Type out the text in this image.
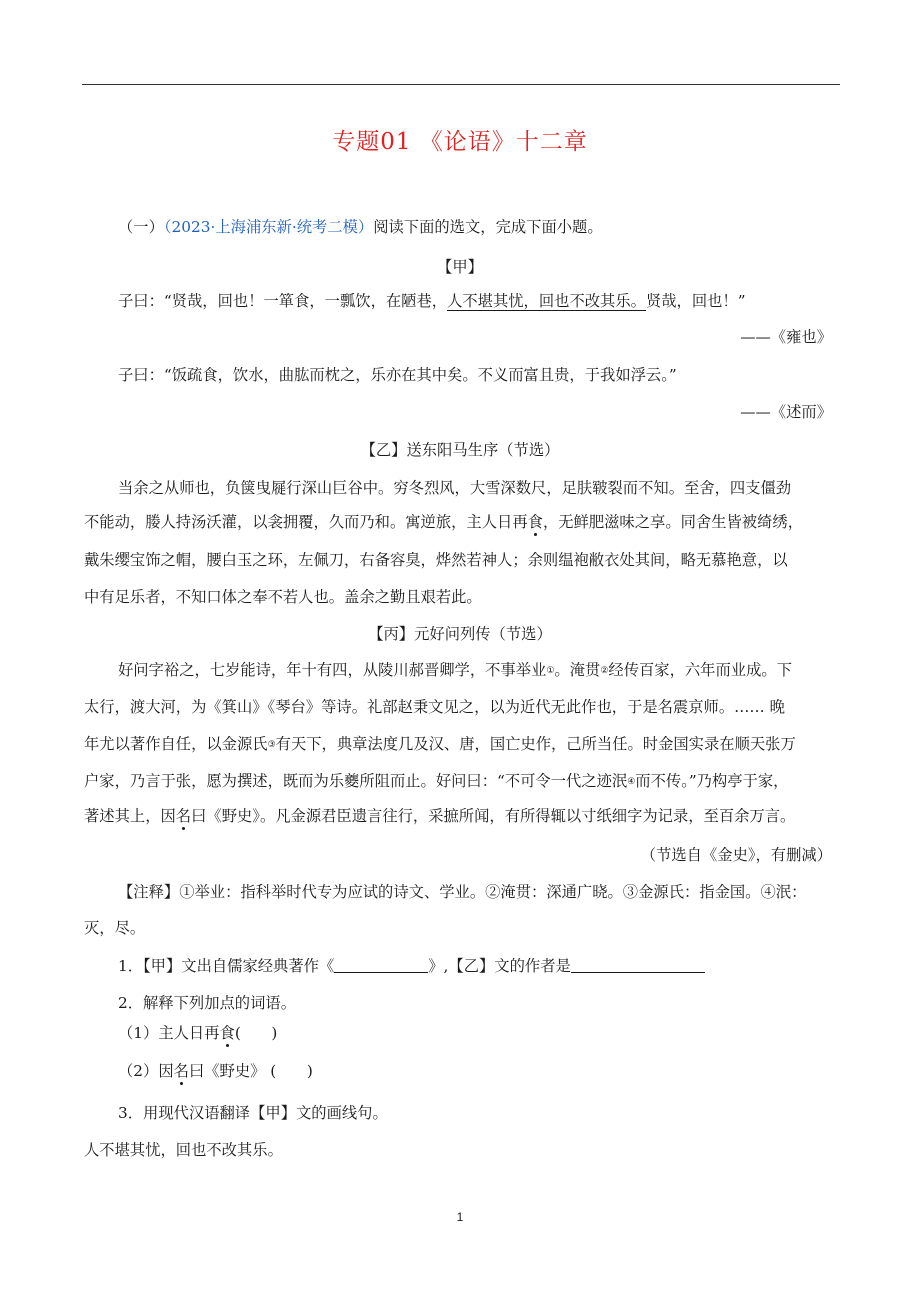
专题01 《论语》十二章
（一）（2023·上海浦东新·统考二模）阅读下面的选文，完成下面小题。
【甲】
子曰：“贤哉，回也！一箪食，一瓢饮，在陋巷，人不堪其忧，回也不改其乐。贤哉，回也！”
——《雍也》
子曰：“饭疏食，饮水，曲肱而枕之，乐亦在其中矣。不义而富且贵，于我如浮云。”
——《述而》
【乙】送东阳马生序（节选）
当余之从师也，负箧曳屣行深山巨谷中。穷冬烈风，大雪深数尺，足肤皲裂而不知。至舍，四支僵劲
不能动，媵人持汤沃灌，以衾拥覆，久而乃和。寓逆旅，主人日再食，无鲜肥滋味之享。同舍生皆被绮绣，
戴朱缨宝饰之帽，腰白玉之环，左佩刀，右备容臭，烨然若神人；余则缊袍敝衣处其间，略无慕艳意，以
中有足乐者，不知口体之奉不若人也。盖余之勤且艰若此。
【丙】元好问列传（节选）
好问字裕之，七岁能诗，年十有四，从陵川郝晋卿学，不事举业①。淹贯②经传百家，六年而业成。下
太行，渡大河，为《箕山》《琴台》等诗。礼部赵秉文见之，以为近代无此作也，于是名震京师。…… 晚
年尤以著作自任，以金源氏③有天下，典章法度几及汉、唐，国亡史作，己所当任。时金国实录在顺天张万
户家，乃言于张，愿为撰述，既而为乐夔所阻而止。好问曰：“不可令一代之迹泯④而不传。”乃构亭于家，
著述其上，因名曰《野史》。凡金源君臣遗言往行，采摭所闻，有所得辄以寸纸细字为记录，至百余万言。
（节选自《金史》，有删减）
【注释】①举业：指科举时代专为应试的诗文、学业。②淹贯：深通广晓。③金源氏：指金国。④泯：
灭，尽。
1．【甲】文出自儒家经典著作《	》,【乙】文的作者是
2．解释下列加点的词语。
（1）主人日再食(　　)
（2）因名曰《野史》 (　　)
3．用现代汉语翻译【甲】文的画线句。
人不堪其忧，回也不改其乐。
1
